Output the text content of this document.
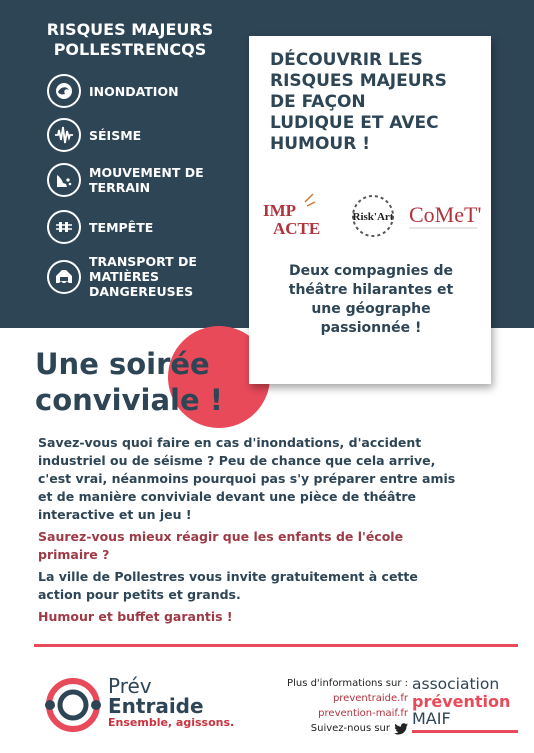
RISQUES MAJEURS
POLLESTRENCQS
INONDATION
SÉISME
MOUVEMENT DE
TERRAIN
TEMPÊTE
TRANSPORT DE
MATIÈRES
DANGEREUSES
DÉCOUVRIR LES
RISQUES MAJEURS
DE FAÇON
LUDIQUE ET AVEC
HUMOUR !
IMP
ACTE
Risk'Art CoMeT'
Deux compagnies de
théâtre hilarantes et
une géographe
passionnée !
Une soirée
conviviale !
Savez-vous quoi faire en cas d'inondations, d'accident
industriel ou de séisme ? Peu de chance que cela arrive,
c'est vrai, néanmoins pourquoi pas s'y préparer entre amis
et de manière conviviale devant une pièce de théâtre
interactive et un jeu !
Saurez-vous mieux réagir que les enfants de l'école
primaire ?
La ville de Pollestres vous invite gratuitement à cette
action pour petits et grands.
Humour et buffet garantis !
Prév
Entraide
Ensemble, agissons.
Plus d'informations sur :
preventraide.fr
prevention-maif.fr
Suivez-nous sur
association
prévention
MAIF
